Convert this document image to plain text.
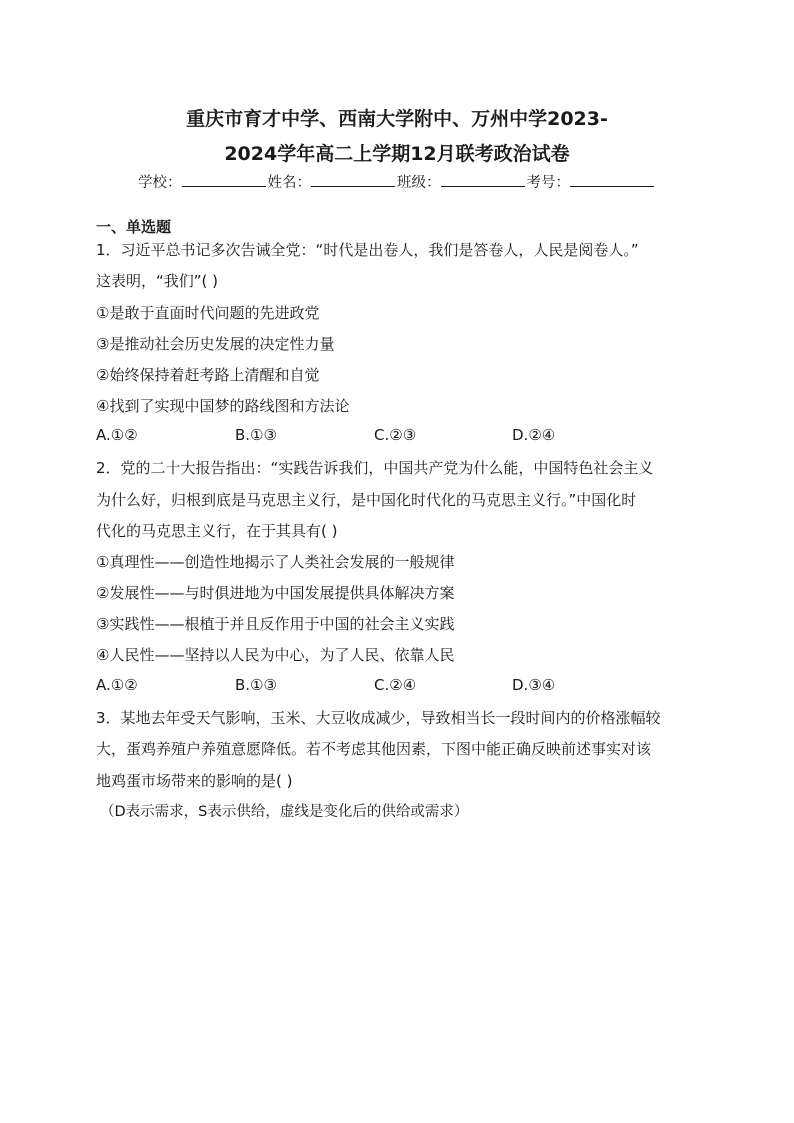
重庆市育才中学、西南大学附中、万州中学2023-
2024学年高二上学期12月联考政治试卷
学校：	姓名：	班级：	考号：
一、单选题
1．习近平总书记多次告诫全党：“时代是出卷人，我们是答卷人，人民是阅卷人。”
这表明，“我们”( )
①是敢于直面时代问题的先进政党
③是推动社会历史发展的决定性力量
②始终保持着赶考路上清醒和自觉
④找到了实现中国梦的路线图和方法论
A.①②	B.①③	C.②③	D.②④
2．党的二十大报告指出：“实践告诉我们，中国共产党为什么能，中国特色社会主义
为什么好，归根到底是马克思主义行，是中国化时代化的马克思主义行。”中国化时
代化的马克思主义行，在于其具有( )
①真理性——创造性地揭示了人类社会发展的一般规律
②发展性——与时俱进地为中国发展提供具体解决方案
③实践性——根植于并且反作用于中国的社会主义实践
④人民性——坚持以人民为中心，为了人民、依靠人民
A.①②	B.①③	C.②④	D.③④
3．某地去年受天气影响，玉米、大豆收成减少，导致相当长一段时间内的价格涨幅较
大，蛋鸡养殖户养殖意愿降低。若不考虑其他因素，下图中能正确反映前述事实对该
地鸡蛋市场带来的影响的是( )
（D表示需求，S表示供给，虚线是变化后的供给或需求）
